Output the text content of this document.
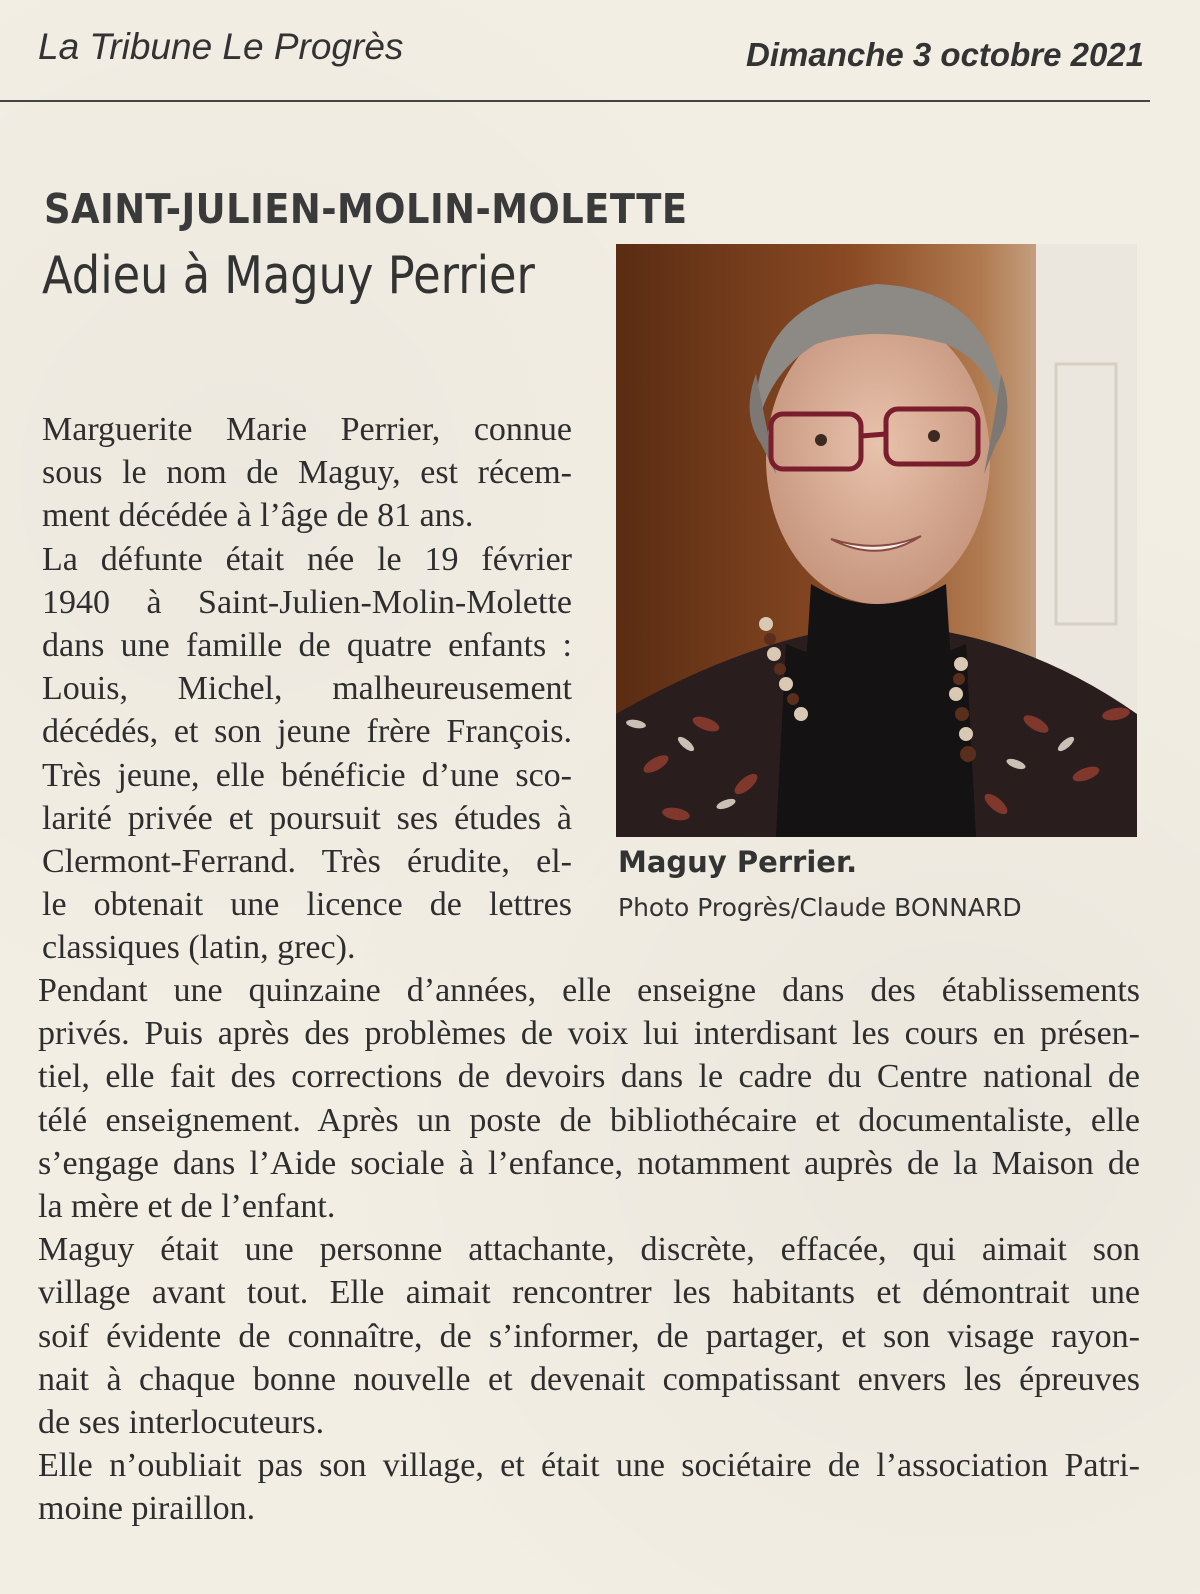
La Tribune Le Progrès	Dimanche 3 octobre 2021
SAINT-JULIEN-MOLIN-MOLETTE
Adieu à Maguy Perrier
Maguy Perrier.
Photo Progrès/Claude BONNARD
Marguerite Marie Perrier, connue
sous le nom de Maguy, est récem-
ment décédée à l’âge de 81 ans.
La défunte était née le 19 février
1940 à Saint-Julien-Molin-Molette
dans une famille de quatre enfants :
Louis, Michel, malheureusement
décédés, et son jeune frère François.
Très jeune, elle bénéficie d’une sco-
larité privée et poursuit ses études à
Clermont-Ferrand. Très érudite, el-
le obtenait une licence de lettres
classiques (latin, grec).
Pendant une quinzaine d’années, elle enseigne dans des établissements
privés. Puis après des problèmes de voix lui interdisant les cours en présen-
tiel, elle fait des corrections de devoirs dans le cadre du Centre national de
télé enseignement. Après un poste de bibliothécaire et documentaliste, elle
s’engage dans l’Aide sociale à l’enfance, notamment auprès de la Maison de
la mère et de l’enfant.
Maguy était une personne attachante, discrète, effacée, qui aimait son
village avant tout. Elle aimait rencontrer les habitants et démontrait une
soif évidente de connaître, de s’informer, de partager, et son visage rayon-
nait à chaque bonne nouvelle et devenait compatissant envers les épreuves
de ses interlocuteurs.
Elle n’oubliait pas son village, et était une sociétaire de l’association Patri-
moine piraillon.
